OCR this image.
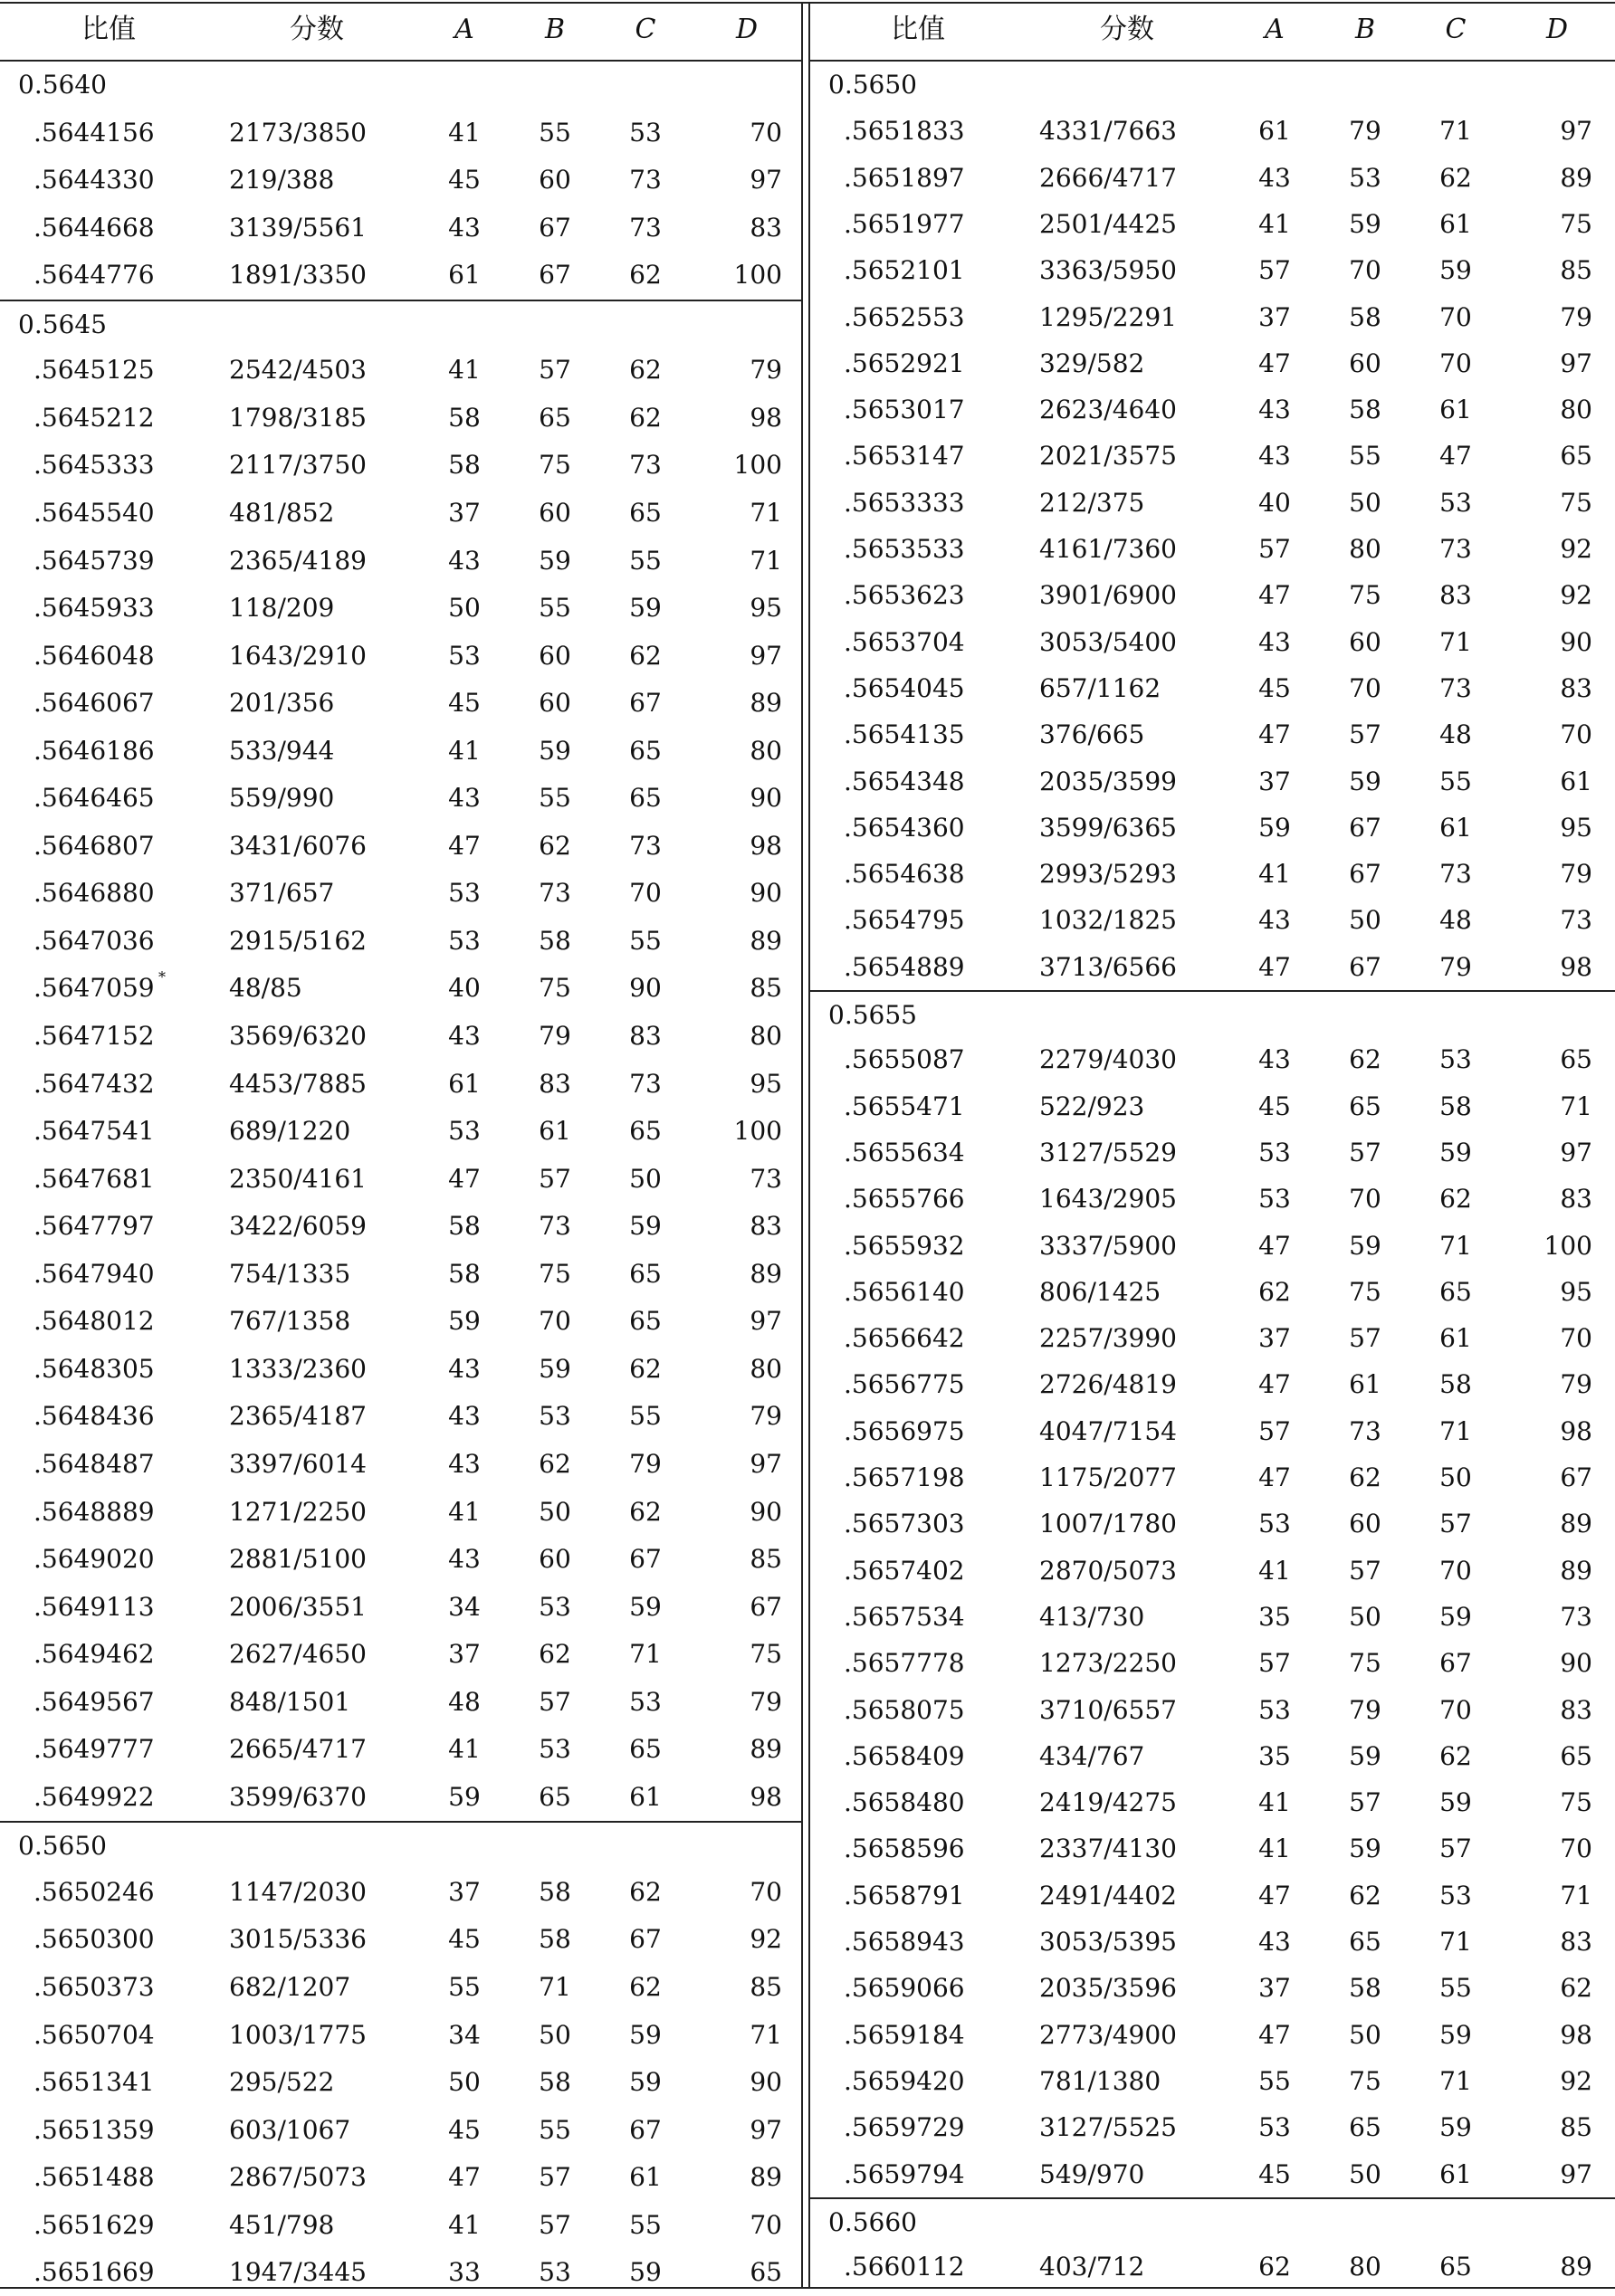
比值	分数	A	B	C	D
0.5640
.5644156	2173/3850	41 55 53	70
.5644330	219/388	45 60 73	97
.5644668	3139/5561	43 67 73	83
.5644776	1891/3350	61 67 62	100
0.5645
.5645125	2542/4503	41 57 62	79
.5645212	1798/3185	58 65 62	98
.5645333	2117/3750	58 75 73	100
.5645540	481/852	37 60 65	71
.5645739	2365/4189	43 59 55	71
.5645933	118/209	50 55 59	95
.5646048	1643/2910	53 60 62	97
.5646067	201/356	45 60 67	89
.5646186	533/944	41 59 65	80
.5646465	559/990	43 55 65	90
.5646807	3431/6076	47 62 73	98
.5646880	371/657	53 73 70	90
.5647036	2915/5162	53 58 55	89
.5647059 *	48/85	40 75 90	85
.5647152	3569/6320	43 79 83	80
.5647432	4453/7885	61 83 73	95
.5647541	689/1220	53 61 65	100
.5647681	2350/4161	47 57 50	73
.5647797	3422/6059	58 73 59	83
.5647940	754/1335	58 75 65	89
.5648012	767/1358	59 70 65	97
.5648305	1333/2360	43 59 62	80
.5648436	2365/4187	43 53 55	79
.5648487	3397/6014	43 62 79	97
.5648889	1271/2250	41 50 62	90
.5649020	2881/5100	43 60 67	85
.5649113	2006/3551	34 53 59	67
.5649462	2627/4650	37 62 71	75
.5649567	848/1501	48 57 53	79
.5649777	2665/4717	41 53 65	89
.5649922	3599/6370	59 65 61	98
0.5650
.5650246	1147/2030	37 58 62	70
.5650300	3015/5336	45 58 67	92
.5650373	682/1207	55 71 62	85
.5650704	1003/1775	34 50 59	71
.5651341	295/522	50 58 59	90
.5651359	603/1067	45 55 67	97
.5651488	2867/5073	47 57 61	89
.5651629	451/798	41 57 55	70
.5651669	1947/3445	33 53 59	65
比值	分数	A	B	C	D
0.5650
.5651833	4331/7663	61 79 71	97
.5651897	2666/4717	43 53 62	89
.5651977	2501/4425	41 59 61	75
.5652101	3363/5950	57 70 59	85
.5652553	1295/2291	37 58 70	79
.5652921	329/582	47 60 70	97
.5653017	2623/4640	43 58 61	80
.5653147	2021/3575	43 55 47	65
.5653333	212/375	40 50 53	75
.5653533	4161/7360	57 80 73	92
.5653623	3901/6900	47 75 83	92
.5653704	3053/5400	43 60 71	90
.5654045	657/1162	45 70 73	83
.5654135	376/665	47 57 48	70
.5654348	2035/3599	37 59 55	61
.5654360	3599/6365	59 67 61	95
.5654638	2993/5293	41 67 73	79
.5654795	1032/1825	43 50 48	73
.5654889	3713/6566	47 67 79	98
0.5655
.5655087	2279/4030	43 62 53	65
.5655471	522/923	45 65 58	71
.5655634	3127/5529	53 57 59	97
.5655766	1643/2905	53 70 62	83
.5655932	3337/5900	47 59 71	100
.5656140	806/1425	62 75 65	95
.5656642	2257/3990	37 57 61	70
.5656775	2726/4819	47 61 58	79
.5656975	4047/7154	57 73 71	98
.5657198	1175/2077	47 62 50	67
.5657303	1007/1780	53 60 57	89
.5657402	2870/5073	41 57 70	89
.5657534	413/730	35 50 59	73
.5657778	1273/2250	57 75 67	90
.5658075	3710/6557	53 79 70	83
.5658409	434/767	35 59 62	65
.5658480	2419/4275	41 57 59	75
.5658596	2337/4130	41 59 57	70
.5658791	2491/4402	47 62 53	71
.5658943	3053/5395	43 65 71	83
.5659066	2035/3596	37 58 55	62
.5659184	2773/4900	47 50 59	98
.5659420	781/1380	55 75 71	92
.5659729	3127/5525	53 65 59	85
.5659794	549/970	45 50 61	97
0.5660
.5660112	403/712	62 80 65	89
